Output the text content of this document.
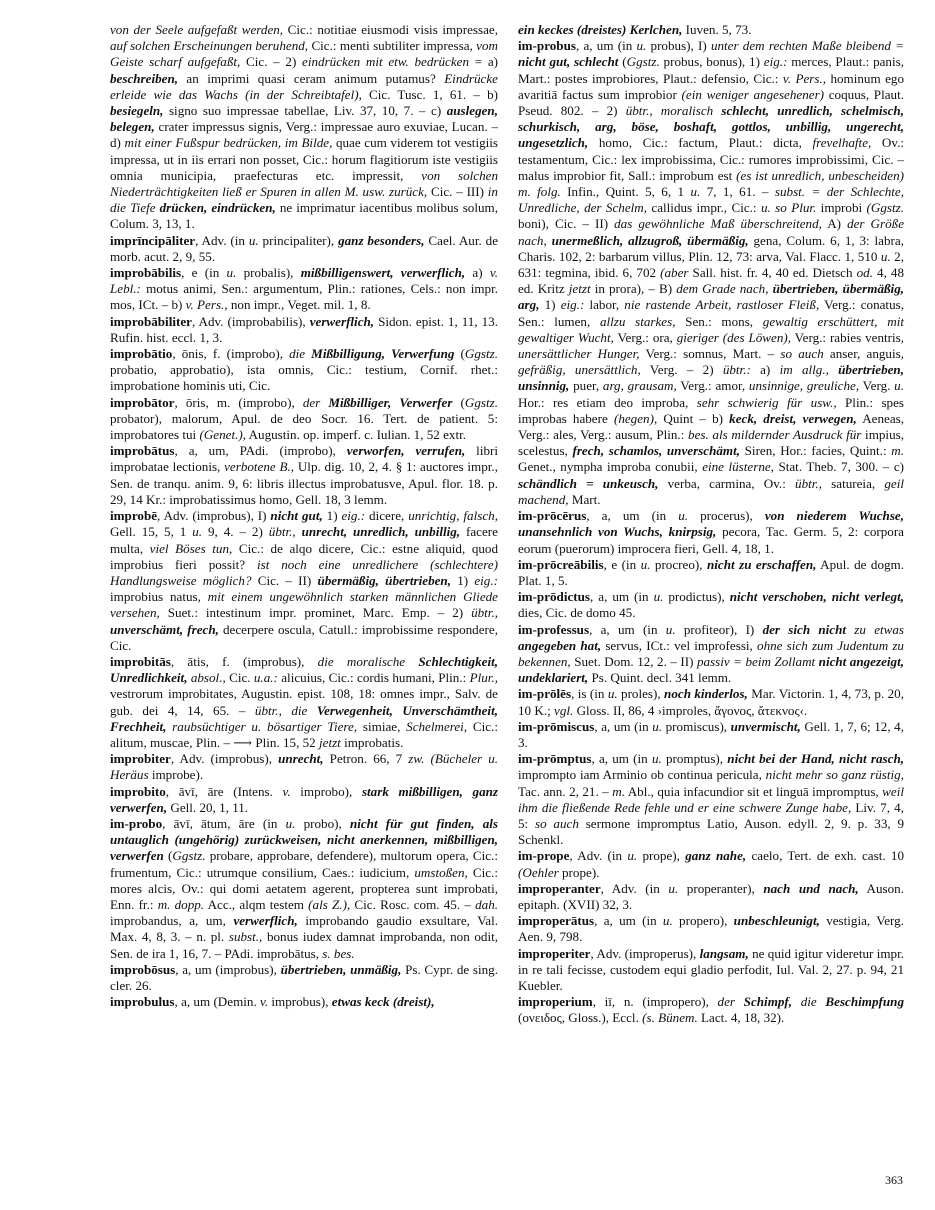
von der Seele aufgefaßt werden, Cic.: notitiae eiusmodi visis impressae, auf solchen Erscheinungen beruhend, Cic.: menti subtiliter impressa, vom Geiste scharf aufgefaßt, Cic. – 2) eindrücken mit etw. bedrücken = a) beschreiben, an imprimi quasi ceram animum putamus? Eindrücke erleide wie das Wachs (in der Schreibtafel), Cic. Tusc. 1, 61. – b) besiegeln, signo suo impressae tabellae, Liv. 37, 10, 7. – c) auslegen, belegen, crater impressus signis, Verg.: impressae auro exuviae, Lucan. – d) mit einer Fußspur bedrücken, im Bilde, quae cum viderem tot vestigiis impressa, ut in iis errari non posset, Cic.: horum flagitiorum iste vestigiis omnia municipia, praefecturas etc. impressit, von solchen Niederträchtigkeiten ließ er Spuren in allen M. usw. zurück, Cic. – III) in die Tiefe drücken, eindrücken, ne imprimatur iacentibus molibus solum, Colum. 3, 13, 1.

imprīncipāliter, Adv. (in u. principaliter), ganz besonders, Cael. Aur. de morb. acut. 2, 9, 55.

improbābilis, e (in u. probalis), mißbilligenswert, verwerflich, a) v. Lebl.: motus animi, Sen.: argumentum, Plin.: rationes, Cels.: non impr. mos, ICt. – b) v. Pers., non impr., Veget. mil. 1, 8.

improbābiliter, Adv. (improbabilis), verwerflich, Sidon. epist. 1, 11, 13. Rufin. hist. eccl. 1, 3.

improbātio, ōnis, f. (improbo), die Mißbilligung, Verwerfung (Ggstz. probatio, approbatio), ista omnis, Cic.: testium, Cornif. rhet.: improbatione hominis uti, Cic.

improbātor, ōris, m. (improbo), der Mißbilliger, Verwerfer (Ggstz. probator), malorum, Apul. de deo Socr. 16. Tert. de patient. 5: improbatores tui (Genet.), Augustin. op. imperf. c. Iulian. 1, 52 extr.

improbātus, a, um, PAdi. (improbo), verworfen, verrufen, libri improbatae lectionis, verbotene B., Ulp. dig. 10, 2, 4. § 1: auctores impr., Sen. de tranqu. anim. 9, 6: libris illectus improbatusve, Apul. flor. 18. p. 29, 14 Kr.: improbatissimus homo, Gell. 18, 3 lemm.

improbē, Adv. (improbus), I) nicht gut, 1) eig.: dicere, unrichtig, falsch, Gell. 15, 5, 1 u. 9, 4. – 2) übtr., unrecht, unredlich, unbillig, facere multa, viel Böses tun, Cic.: de alqo dicere, Cic.: estne aliquid, quod improbius fieri possit? ist noch eine unredlichere (schlechtere) Handlungsweise möglich? Cic. – II) übermäßig, übertrieben, 1) eig.: improbius natus, mit einem ungewöhnlich starken männlichen Gliede versehen, Suet.: intestinum impr. prominet, Marc. Emp. – 2) übtr., unverschämt, frech, decerpere oscula, Catull.: improbissime respondere, Cic.

improbitās, ātis, f. (improbus), die moralische Schlechtigkeit, Unredlichkeit, absol., Cic. u.a.: alicuius, Cic.: cordis humani, Plin.: Plur., vestrorum improbitates, Augustin. epist. 108, 18: omnes impr., Salv. de gub. dei 4, 14, 65. – übtr., die Verwegenheit, Unverschämtheit, Frechheit, raubsüchtiger u. bösartiger Tiere, simiae, Schelmerei, Cic.: alitum, muscae, Plin. – ⟶ Plin. 15, 52 jetzt improbatis.

improbiter, Adv. (improbus), unrecht, Petron. 66, 7 zw. (Bücheler u. Heräus improbe).

improbito, āvī, āre (Intens. v. improbo), stark mißbilligen, ganz verwerfen, Gell. 20, 1, 11.

im-probo, āvī, ātum, āre (in u. probo), nicht für gut finden, als untauglich (ungehörig) zurückweisen, nicht anerkennen, mißbilligen, verwerfen (Ggstz. probare, approbare, defendere), multorum opera, Cic.: frumentum, Cic.: utrumque consilium, Caes.: iudicium, umstoßen, Cic.: mores alcis, Ov.: qui domi aetatem agerent, propterea sunt improbati, Enn. fr.: m. dopp. Acc., alqm testem (als Z.), Cic. Rosc. com. 45. – dah. improbandus, a, um, verwerflich, improbando gaudio exsultare, Val. Max. 4, 8, 3. – n. pl. subst., bonus iudex damnat improbanda, non odit, Sen. de ira 1, 16, 7. – PAdi. improbātus, s. bes.

improbōsus, a, um (improbus), übertrieben, unmäßig, Ps. Cypr. de sing. cler. 26.

improbulus, a, um (Demin. v. improbus), etwas keck (dreist),

ein keckes (dreistes) Kerlchen, Iuven. 5, 73.

im-probus, a, um (in u. probus), I) unter dem rechten Maße bleibend = nicht gut, schlecht (Ggstz. probus, bonus), 1) eig.: merces, Plaut.: panis, Mart.: postes improbiores, Plaut.: defensio, Cic.: v. Pers., hominum ego avaritiā factus sum improbior (ein weniger angesehener) coquus, Plaut. Pseud. 802. – 2) übtr., moralisch schlecht, unredlich, schelmisch, schurkisch, arg, böse, boshaft, gottlos, unbillig, ungerecht, ungesetzlich, homo, Cic.: factum, Plaut.: dicta, frevelhafte, Ov.: testamentum, Cic.: lex improbissima, Cic.: rumores improbissimi, Cic. – malus improbior fit, Sall.: improbum est (es ist unredlich, unbescheiden) m. folg. Infin., Quint. 5, 6, 1 u. 7, 1, 61. – subst. = der Schlechte, Unredliche, der Schelm, callidus impr., Cic.: u. so Plur. improbi (Ggstz. boni), Cic. – II) das gewöhnliche Maß überschreitend, A) der Größe nach, unermeßlich, allzugroß, übermäßig, gena, Colum. 6, 1, 3: labra, Charis. 102, 2: barbarum villus, Plin. 12, 73: arva, Val. Flacc. 1, 510 u. 2, 631: tegmina, ibid. 6, 702 (aber Sall. hist. fr. 4, 40 ed. Dietsch od. 4, 48 ed. Kritz jetzt in prora), – B) dem Grade nach, übertrieben, übermäßig, arg, 1) eig.: labor, nie rastende Arbeit, rastloser Fleiß, Verg.: conatus, Sen.: lumen, allzu starkes, Sen.: mons, gewaltig erschüttert, mit gewaltiger Wucht, Verg.: ora, gieriger (des Löwen), Verg.: rabies ventris, unersättlicher Hunger, Verg.: somnus, Mart. – so auch anser, anguis, gefräßig, unersättlich, Verg. – 2) übtr.: a) im allg., übertrieben, unsinnig, puer, arg, grausam, Verg.: amor, unsinnige, greuliche, Verg. u. Hor.: res etiam deo improba, sehr schwierig für usw., Plin.: spes improbas habere (hegen), Quint – b) keck, dreist, verwegen, Aeneas, Verg.: ales, Verg.: ausum, Plin.: bes. als mildernder Ausdruck für impius, scelestus, frech, schamlos, unverschämt, Siren, Hor.: facies, Quint.: m. Genet., nympha improba conubii, eine lüsterne, Stat. Theb. 7, 300. – c) schändlich = unkeusch, verba, carmina, Ov.: übtr., satureia, geil machend, Mart.

im-prōcērus, a, um (in u. procerus), von niederem Wuchse, unansehnlich von Wuchs, knirpsig, pecora, Tac. Germ. 5, 2: corpora eorum (puerorum) improcera fieri, Gell. 4, 18, 1.

im-prōcreābilis, e (in u. procreo), nicht zu erschaffen, Apul. de dogm. Plat. 1, 5.

im-prōdictus, a, um (in u. prodictus), nicht verschoben, nicht verlegt, dies, Cic. de domo 45.

im-professus, a, um (in u. profiteor), I) der sich nicht zu etwas angegeben hat, servus, ICt.: vel improfessi, ohne sich zum Judentum zu bekennen, Suet. Dom. 12, 2. – II) passiv = beim Zollamt nicht angezeigt, undeklariert, Ps. Quint. decl. 341 lemm.

im-prōlēs, is (in u. proles), noch kinderlos, Mar. Victorin. 1, 4, 73, p. 20, 10 K.; vgl. Gloss. II, 86, 4 ›improles, ἄγονος, ἄτεκνος‹.

im-prōmiscus, a, um (in u. promiscus), unvermischt, Gell. 1, 7, 6; 12, 4, 3.

im-prōmptus, a, um (in u. promptus), nicht bei der Hand, nicht rasch, imprompto iam Arminio ob continua pericula, nicht mehr so ganz rüstig, Tac. ann. 2, 21. – m. Abl., quia infacundior sit et linguā impromptus, weil ihm die fließende Rede fehle und er eine schwere Zunge habe, Liv. 7, 4, 5: so auch sermone impromptus Latio, Auson. edyll. 2, 9. p. 33, 9 Schenkl.

im-prope, Adv. (in u. prope), ganz nahe, caelo, Tert. de exh. cast. 10 (Oehler prope).

improperanter, Adv. (in u. properanter), nach und nach, Auson. epitaph. (XVII) 32, 3.

improperātus, a, um (in u. propero), unbeschleunigt, vestigia, Verg. Aen. 9, 798.

improperiter, Adv. (improperus), langsam, ne quid igitur videretur impr. in re tali fecisse, custodem equi gladio perfodit, Iul. Val. 2, 27. p. 94, 21 Kuebler.

improperium, iī, n. (impropero), der Schimpf, die Beschimpfung (ονειδος, Gloss.), Eccl. (s. Bünem. Lact. 4, 18, 32).

363
